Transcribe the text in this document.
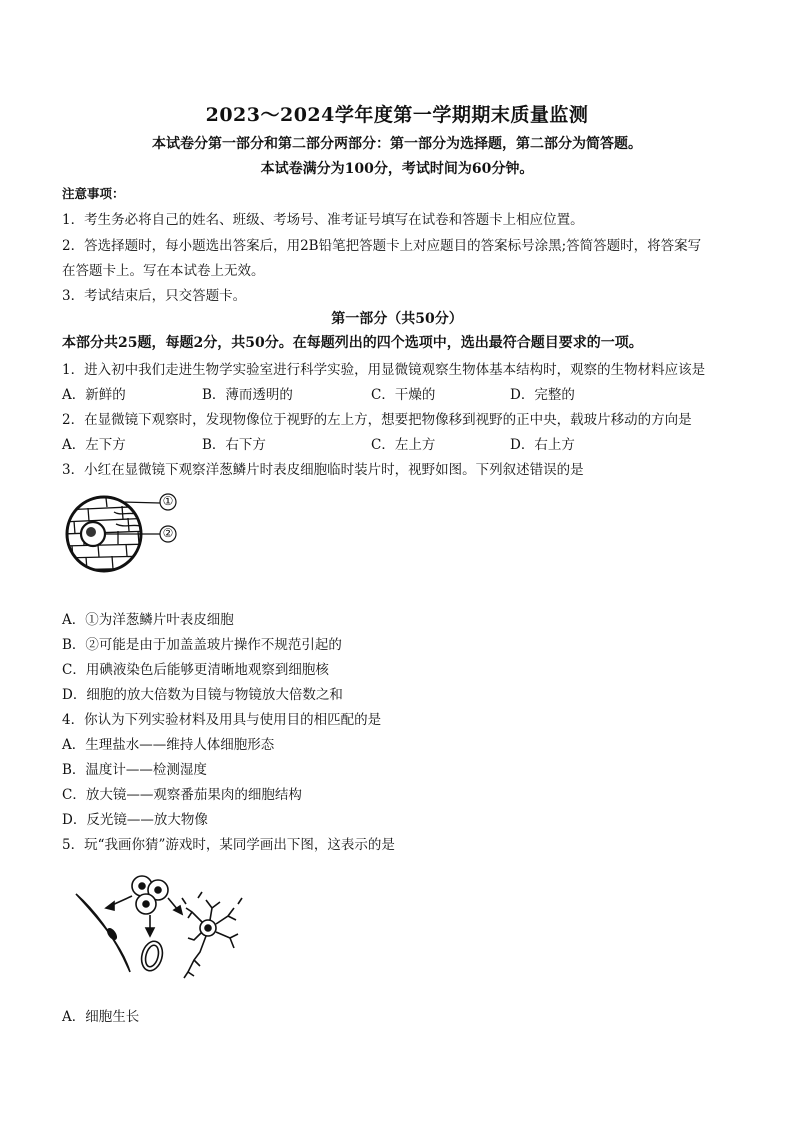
2023～2024学年度第一学期期末质量监测
本试卷分第一部分和第二部分两部分：第一部分为选择题，第二部分为简答题。
本试卷满分为100分，考试时间为60分钟。
注意事项：
1．考生务必将自己的姓名、班级、考场号、准考证号填写在试卷和答题卡上相应位置。
2．答选择题时，每小题选出答案后，用2B铅笔把答题卡上对应题目的答案标号涂黑;答简答题时，将答案写
在答题卡上。写在本试卷上无效。
3．考试结束后，只交答题卡。
第一部分（共50分）
本部分共25题，每题2分，共50分。在每题列出的四个选项中，选出最符合题目要求的一项。
1．进入初中我们走进生物学实验室进行科学实验，用显微镜观察生物体基本结构时，观察的生物材料应该是
A．新鲜的	B．薄而透明的	C．干燥的	D．完整的
2．在显微镜下观察时，发现物像位于视野的左上方，想要把物像移到视野的正中央，载玻片移动的方向是
A．左下方	B．右下方	C．左上方	D．右上方
3．小红在显微镜下观察洋葱鳞片时表皮细胞临时装片时，视野如图。下列叙述错误的是
①
②
A．①为洋葱鳞片叶表皮细胞
B．②可能是由于加盖盖玻片操作不规范引起的
C．用碘液染色后能够更清晰地观察到细胞核
D．细胞的放大倍数为目镜与物镜放大倍数之和
4．你认为下列实验材料及用具与使用目的相匹配的是
A．生理盐水——维持人体细胞形态
B．温度计——检测湿度
C．放大镜——观察番茄果肉的细胞结构
D．反光镜——放大物像
5．玩“我画你猜”游戏时，某同学画出下图，这表示的是
A．细胞生长
